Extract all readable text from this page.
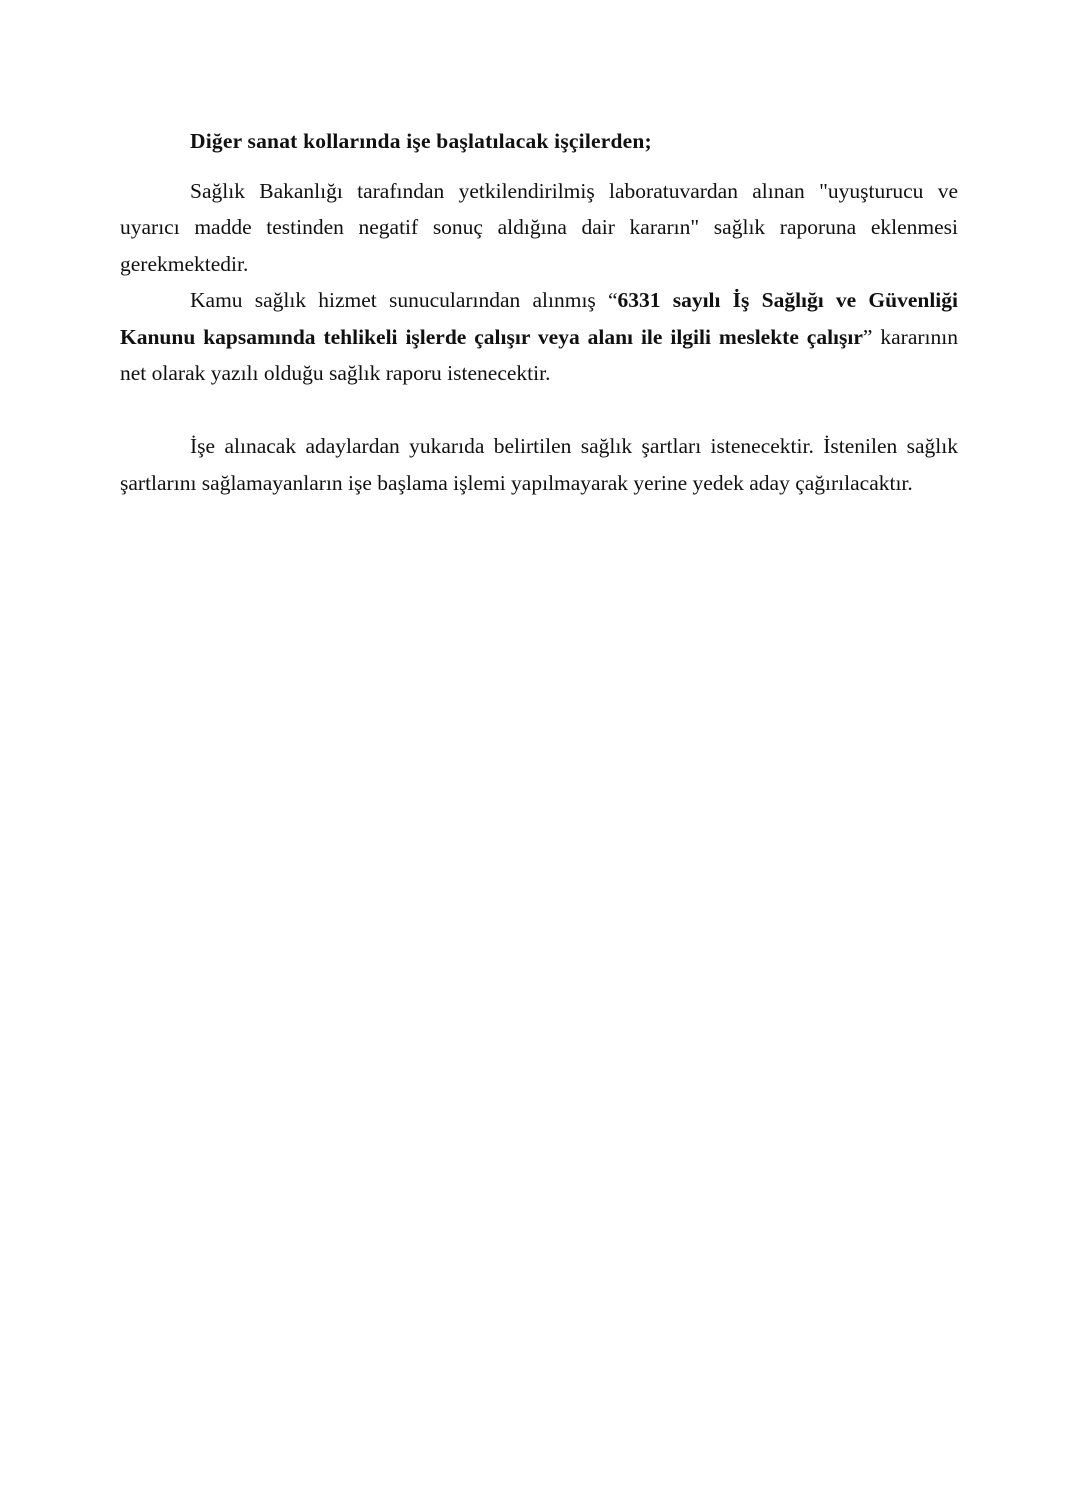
Diğer sanat kollarında işe başlatılacak işçilerden;

Sağlık Bakanlığı tarafından yetkilendirilmiş laboratuvardan alınan "uyuşturucu ve uyarıcı madde testinden negatif sonuç aldığına dair kararın" sağlık raporuna eklenmesi gerekmektedir.

Kamu sağlık hizmet sunucularından alınmış “6331 sayılı İş Sağlığı ve Güvenliği Kanunu kapsamında tehlikeli işlerde çalışır veya alanı ile ilgili meslekte çalışır” kararının net olarak yazılı olduğu sağlık raporu istenecektir.

İşe alınacak adaylardan yukarıda belirtilen sağlık şartları istenecektir. İstenilen sağlık şartlarını sağlamayanların işe başlama işlemi yapılmayarak yerine yedek aday çağırılacaktır.
